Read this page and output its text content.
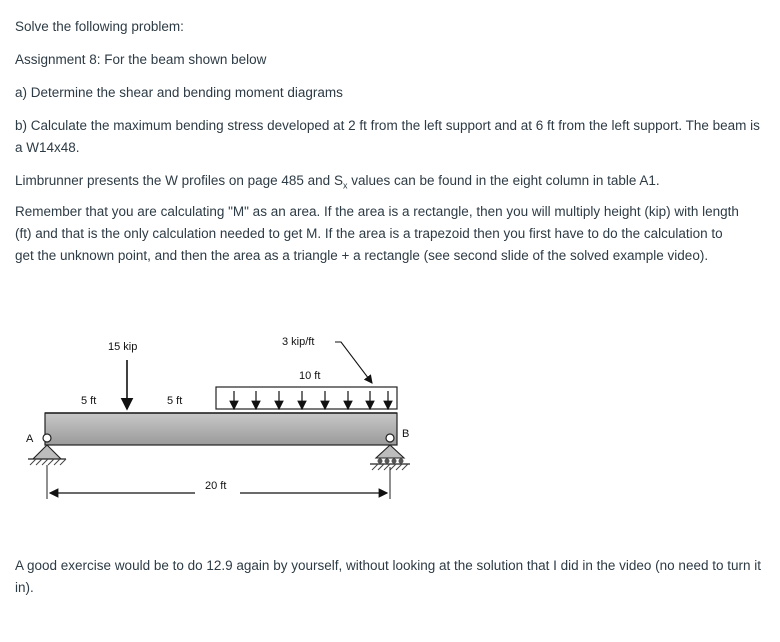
Solve the following problem:

Assignment 8: For the beam shown below

a) Determine the shear and bending moment diagrams

b) Calculate the maximum bending stress developed at 2 ft from the left support and at 6 ft from the left support. The beam is a W14x48.

Limbrunner presents the W profiles on page 485 and $S_x$ values can be found in the eight column in table A1.

Remember that you are calculating "M" as an area. If the area is a rectangle, then you will multiply height (kip) with length (ft) and that is the only calculation needed to get M. If the area is a trapezoid then you first have to do the calculation to get the unknown point, and then the area as a triangle + a rectangle (see second slide of the solved example video).

15 kip	3 kip/ft
5 ft	5 ft
10 ft
A	B
20 ft

A good exercise would be to do 12.9 again by yourself, without looking at the solution that I did in the video (no need to turn it in).
